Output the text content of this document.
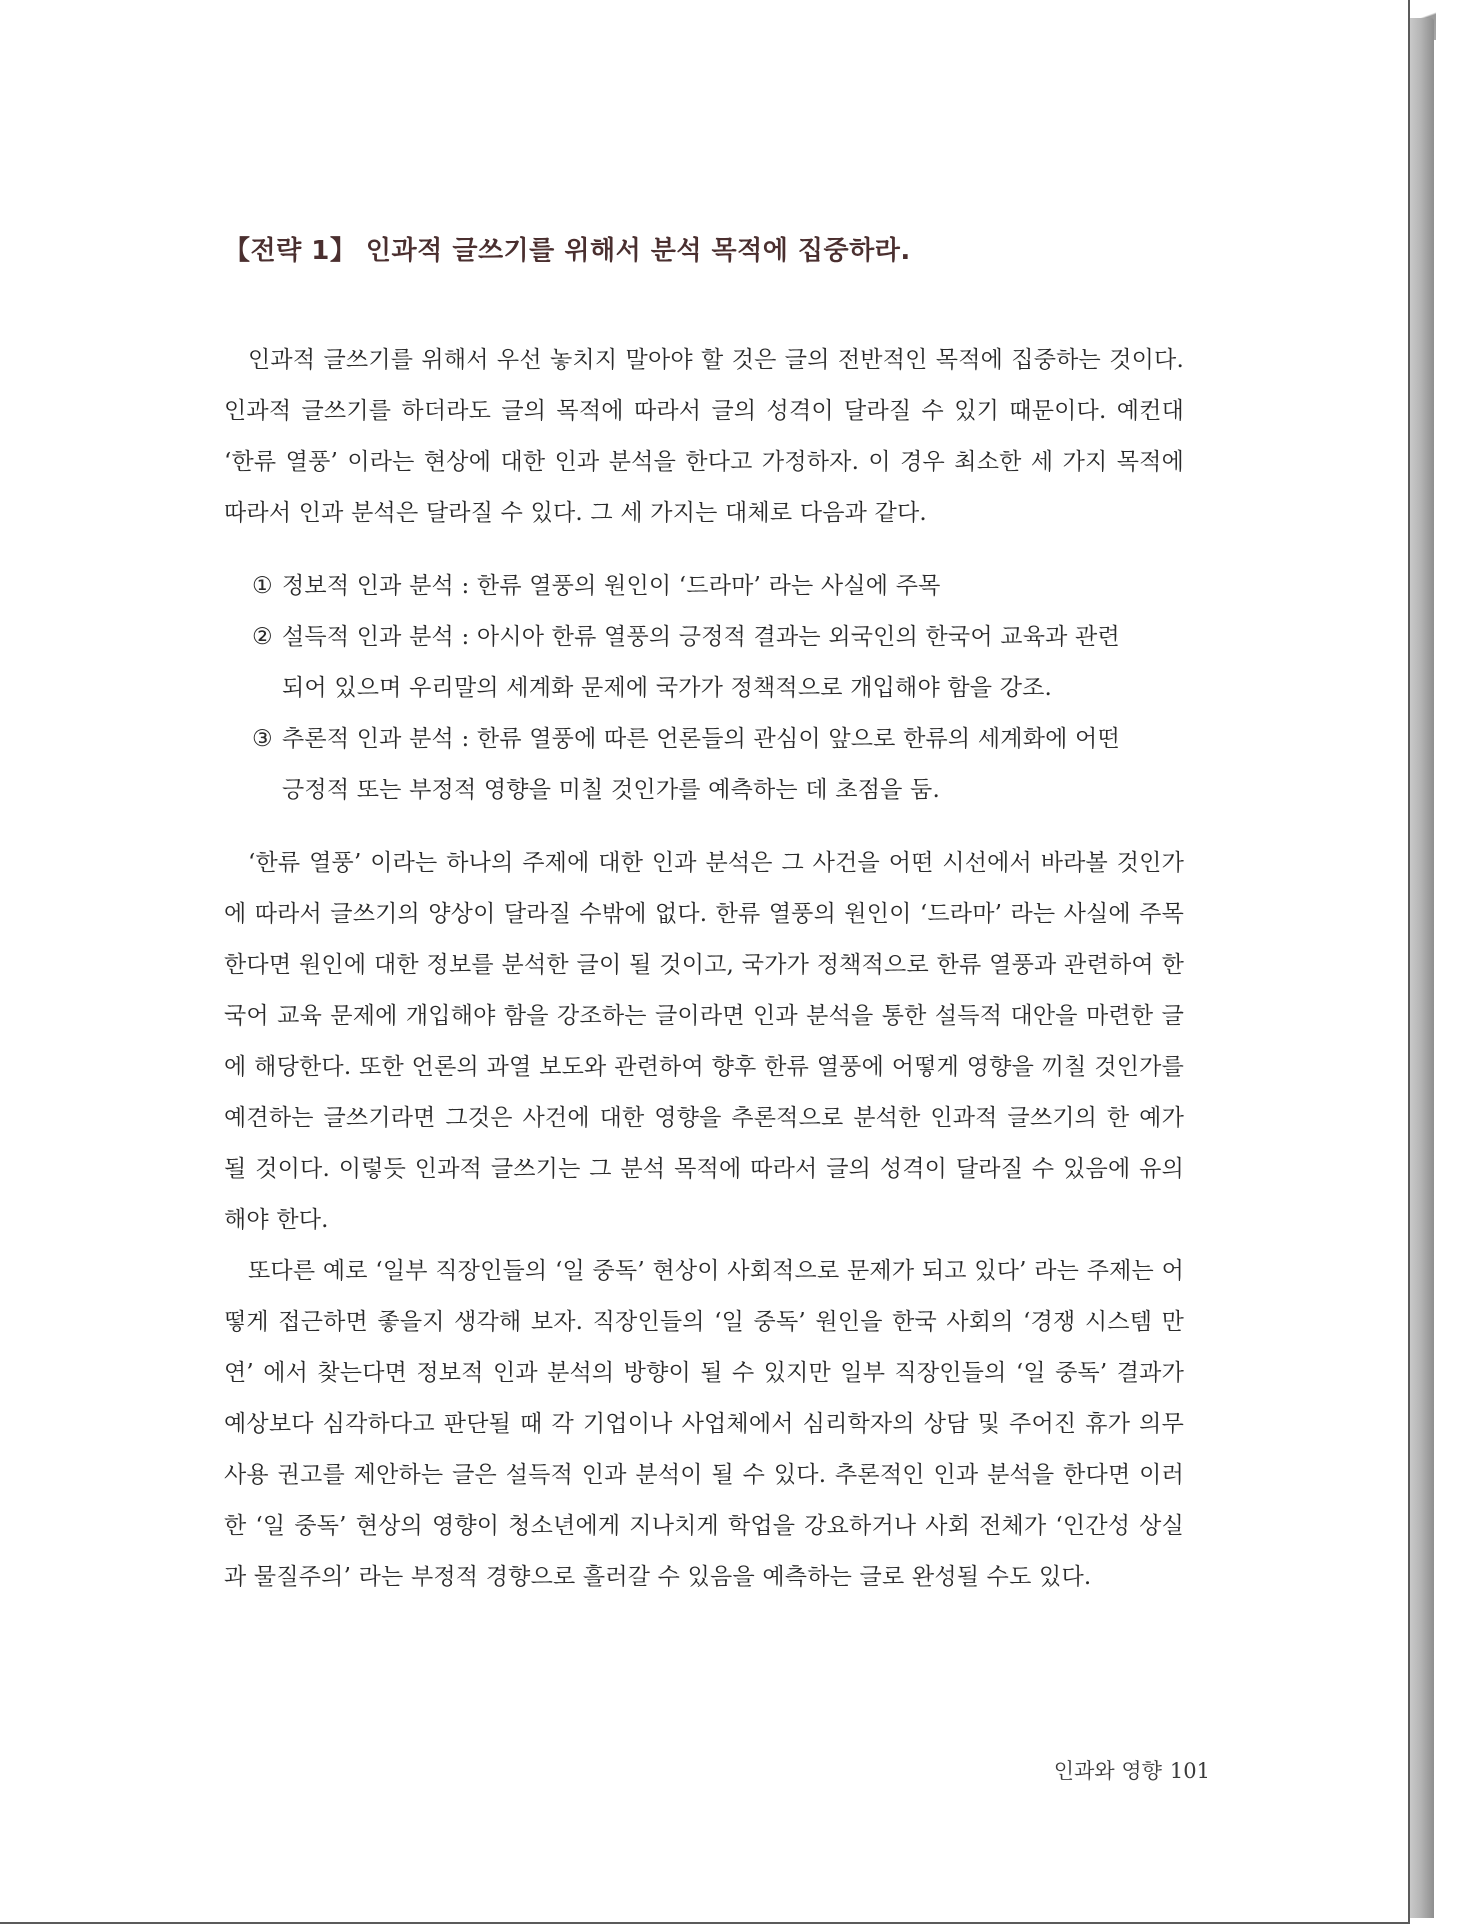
【전략 1】 인과적 글쓰기를 위해서 분석 목적에 집중하라.

인과적 글쓰기를 위해서 우선 놓치지 말아야 할 것은 글의 전반적인 목적에 집중하는 것이다. 인과적 글쓰기를 하더라도 글의 목적에 따라서 글의 성격이 달라질 수 있기 때문이다. 예컨대 ‘한류 열풍’ 이라는 현상에 대한 인과 분석을 한다고 가정하자. 이 경우 최소한 세 가지 목적에 따라서 인과 분석은 달라질 수 있다. 그 세 가지는 대체로 다음과 같다.

① 정보적 인과 분석 : 한류 열풍의 원인이 ‘드라마’ 라는 사실에 주목
② 설득적 인과 분석 : 아시아 한류 열풍의 긍정적 결과는 외국인의 한국어 교육과 관련
되어 있으며 우리말의 세계화 문제에 국가가 정책적으로 개입해야 함을 강조.
③ 추론적 인과 분석 : 한류 열풍에 따른 언론들의 관심이 앞으로 한류의 세계화에 어떤
긍정적 또는 부정적 영향을 미칠 것인가를 예측하는 데 초점을 둠.

‘한류 열풍’ 이라는 하나의 주제에 대한 인과 분석은 그 사건을 어떤 시선에서 바라볼 것인가에 따라서 글쓰기의 양상이 달라질 수밖에 없다. 한류 열풍의 원인이 ‘드라마’ 라는 사실에 주목한다면 원인에 대한 정보를 분석한 글이 될 것이고, 국가가 정책적으로 한류 열풍과 관련하여 한국어 교육 문제에 개입해야 함을 강조하는 글이라면 인과 분석을 통한 설득적 대안을 마련한 글에 해당한다. 또한 언론의 과열 보도와 관련하여 향후 한류 열풍에 어떻게 영향을 끼칠 것인가를 예견하는 글쓰기라면 그것은 사건에 대한 영향을 추론적으로 분석한 인과적 글쓰기의 한 예가 될 것이다. 이렇듯 인과적 글쓰기는 그 분석 목적에 따라서 글의 성격이 달라질 수 있음에 유의해야 한다.

또다른 예로 ‘일부 직장인들의 ‘일 중독’ 현상이 사회적으로 문제가 되고 있다’ 라는 주제는 어떻게 접근하면 좋을지 생각해 보자. 직장인들의 ‘일 중독’ 원인을 한국 사회의 ‘경쟁 시스템 만연’ 에서 찾는다면 정보적 인과 분석의 방향이 될 수 있지만 일부 직장인들의 ‘일 중독’ 결과가 예상보다 심각하다고 판단될 때 각 기업이나 사업체에서 심리학자의 상담 및 주어진 휴가 의무 사용 권고를 제안하는 글은 설득적 인과 분석이 될 수 있다. 추론적인 인과 분석을 한다면 이러한 ‘일 중독’ 현상의 영향이 청소년에게 지나치게 학업을 강요하거나 사회 전체가 ‘인간성 상실과 물질주의’ 라는 부정적 경향으로 흘러갈 수 있음을 예측하는 글로 완성될 수도 있다.

인과와 영향 101
